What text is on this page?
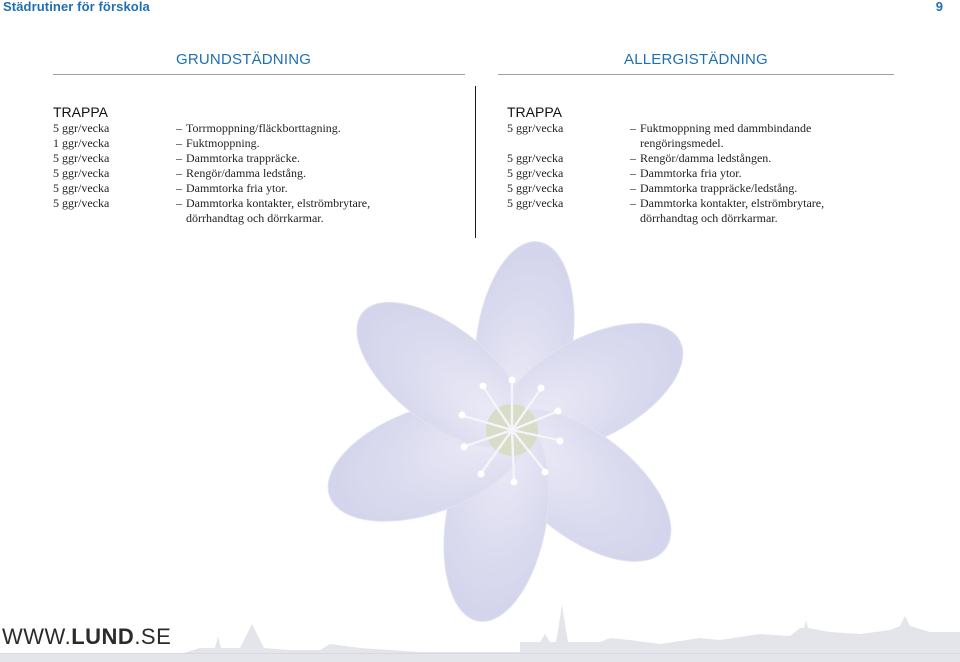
Städrutiner för förskola	9
GRUNDSTÄDNING	ALLERGISTÄDNING
TRAPPA
5 ggr/vecka	– Torrmoppning/fläckborttagning.
1 ggr/vecka	– Fuktmoppning.
5 ggr/vecka	– Dammtorka trappräcke.
5 ggr/vecka	– Rengör/damma ledstång.
5 ggr/vecka	– Dammtorka fria ytor.
5 ggr/vecka	– Dammtorka kontakter, elströmbrytare,
dörrhandtag och dörrkarmar.
TRAPPA
5 ggr/vecka	– Fuktmoppning med dammbindande
rengöringsmedel.
5 ggr/vecka	– Rengör/damma ledstången.
5 ggr/vecka	– Dammtorka fria ytor.
5 ggr/vecka	– Dammtorka trappräcke/ledstång.
5 ggr/vecka	– Dammtorka kontakter, elströmbrytare,
dörrhandtag och dörrkarmar.
WWW.LUND.SE
